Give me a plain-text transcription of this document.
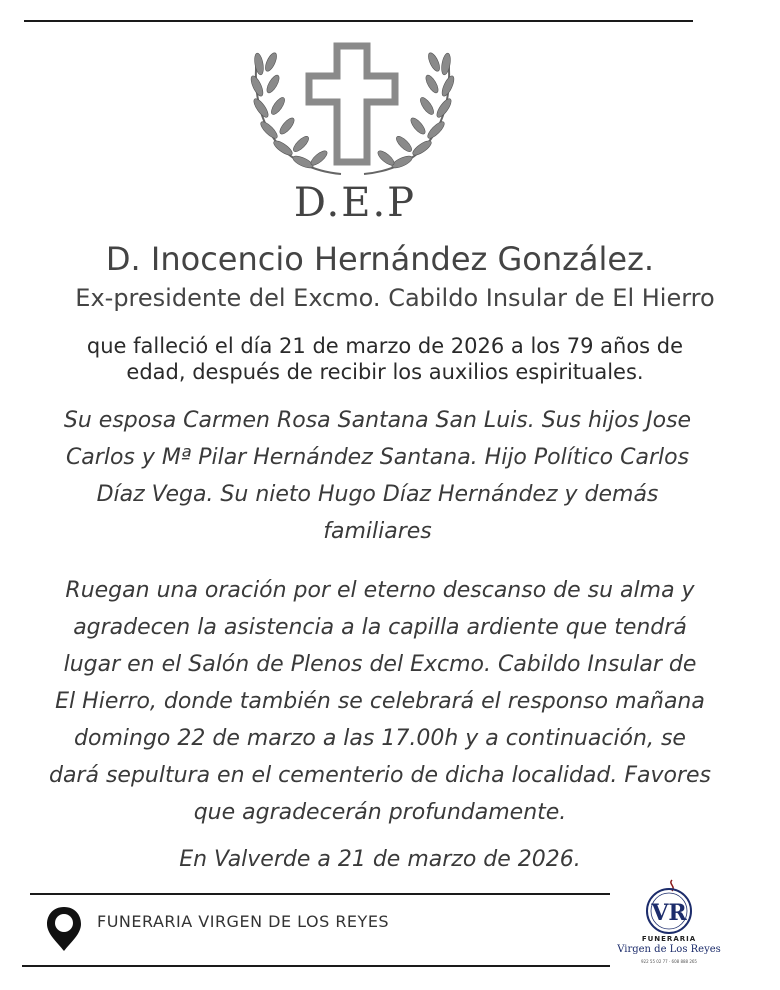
D.E.P
D. Inocencio Hernández González.
Ex-presidente del Excmo. Cabildo Insular de El Hierro
que falleció el día 21 de marzo de 2026 a los 79 años de
edad, después de recibir los auxilios espirituales.
Su esposa Carmen Rosa Santana San Luis. Sus hijos Jose
Carlos y Mª Pilar Hernández Santana. Hijo Político Carlos
Díaz Vega. Su nieto Hugo Díaz Hernández y demás
familiares
Ruegan una oración por el eterno descanso de su alma y
agradecen la asistencia a la capilla ardiente que tendrá
lugar en el Salón de Plenos del Excmo. Cabildo Insular de
El Hierro, donde también se celebrará el responso mañana
domingo 22 de marzo a las 17.00h y a continuación, se
dará sepultura en el cementerio de dicha localidad. Favores
que agradecerán profundamente.
En Valverde a 21 de marzo de 2026.
FUNERARIA VIRGEN DE LOS REYES	VR
FUNERARIA
Virgen de Los Reyes
922 55 02 77 · 608 888 265
